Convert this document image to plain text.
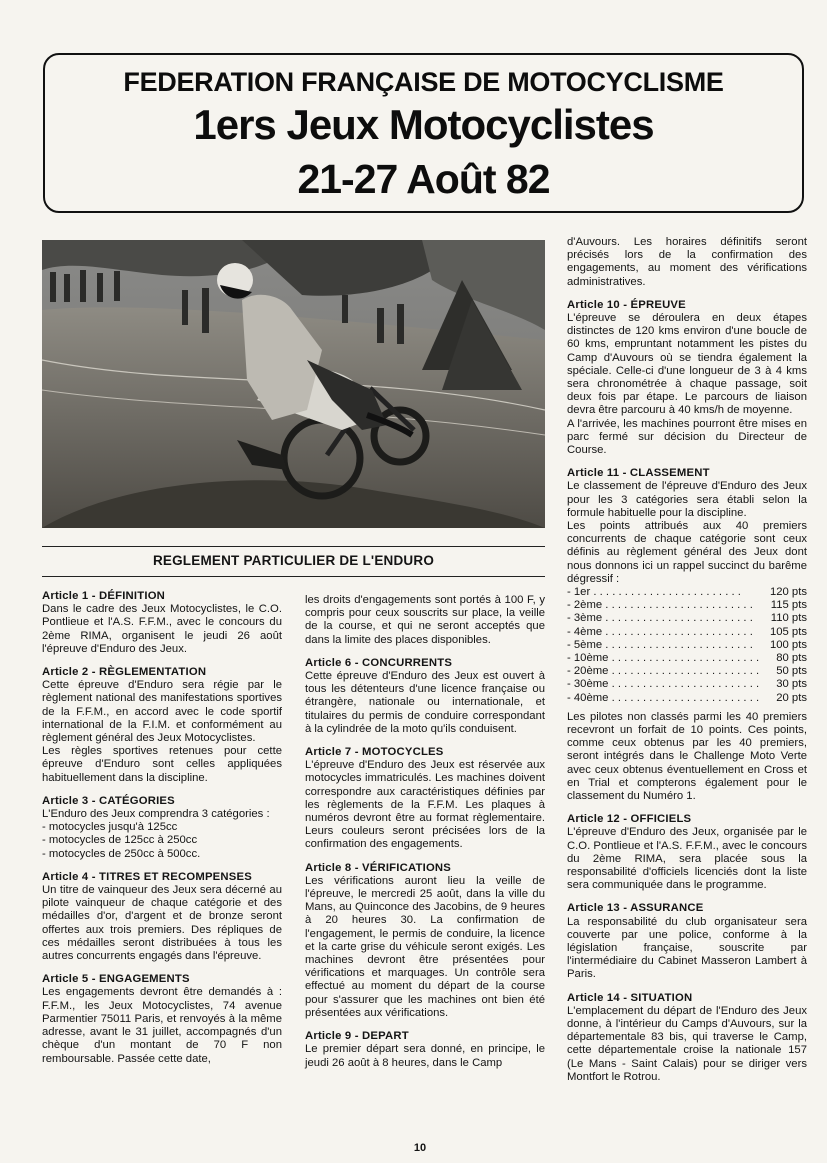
FEDERATION FRANÇAISE DE MOTOCYCLISME
1ers Jeux Motocyclistes
21-27 Août 82
REGLEMENT PARTICULIER DE L'ENDURO

Article 1 - DÉFINITION

Dans le cadre des Jeux Motocyclistes, le C.O. Pontlieue et l'A.S. F.F.M., avec le concours du 2ème RIMA, organisent le jeudi 26 août l'épreuve d'Enduro des Jeux.

Article 2 - RÈGLEMENTATION

Cette épreuve d'Enduro sera régie par le règlement national des manifestations sportives de la F.F.M., en accord avec le code sportif international de la F.I.M. et conformément au règlement général des Jeux Motocyclistes.

Les règles sportives retenues pour cette épreuve d'Enduro sont celles appliquées habituellement dans la discipline.

Article 3 - CATÉGORIES

L'Enduro des Jeux comprendra 3 catégories :

- motocycles jusqu'à 125cc

- motocycles de 125cc à 250cc

- motocycles de 250cc à 500cc.

Article 4 - TITRES ET RECOMPENSES

Un titre de vainqueur des Jeux sera décerné au pilote vainqueur de chaque catégorie et des médailles d'or, d'argent et de bronze seront offertes aux trois premiers. Des répliques de ces médailles seront distribuées à tous les autres concurrents engagés dans l'épreuve.

Article 5 - ENGAGEMENTS

Les engagements devront être demandés à : F.F.M., les Jeux Motocyclistes, 74 avenue Parmentier 75011 Paris, et renvoyés à la même adresse, avant le 31 juillet, accompagnés d'un chèque d'un montant de 70 F non remboursable. Passée cette date,

les droits d'engagements sont portés à 100 F, y compris pour ceux souscrits sur place, la veille de la course, et qui ne seront acceptés que dans la limite des places disponibles.

Article 6 - CONCURRENTS

Cette épreuve d'Enduro des Jeux est ouvert à tous les détenteurs d'une licence française ou étrangère, nationale ou internationale, et titulaires du permis de conduire correspondant à la cylindrée de la moto qu'ils conduisent.

Article 7 - MOTOCYCLES

L'épreuve d'Enduro des Jeux est réservée aux motocycles immatriculés. Les machines doivent correspondre aux caractéristiques définies par les règlements de la F.F.M. Les plaques à numéros devront être au format règlementaire. Leurs couleurs seront précisées lors de la confirmation des engagements.

Article 8 - VÉRIFICATIONS

Les vérifications auront lieu la veille de l'épreuve, le mercredi 25 août, dans la ville du Mans, au Quinconce des Jacobins, de 9 heures à 20 heures 30. La confirmation de l'engagement, le permis de conduire, la licence et la carte grise du véhicule seront exigés. Les machines devront être présentées pour vérifications et marquages. Un contrôle sera effectué au moment du départ de la course pour s'assurer que les machines ont bien été présentées aux vérifications.

Article 9 - DEPART

Le premier départ sera donné, en principe, le jeudi 26 août à 8 heures, dans le Camp

d'Auvours. Les horaires définitifs seront précisés lors de la confirmation des engagements, au moment des vérifications administratives.

Article 10 - ÉPREUVE

L'épreuve se déroulera en deux étapes distinctes de 120 kms environ d'une boucle de 60 kms, empruntant notamment les pistes du Camp d'Auvours où se tiendra également la spéciale. Celle-ci d'une longueur de 3 à 4 kms sera chronométrée à chaque passage, soit deux fois par étape. Le parcours de liaison devra être parcouru à 40 kms/h de moyenne.

A l'arrivée, les machines pourront être mises en parc fermé sur décision du Directeur de Course.

Article 11 - CLASSEMENT

Le classement de l'épreuve d'Enduro des Jeux pour les 3 catégories sera établi selon la formule habituelle pour la discipline.

Les points attribués aux 40 premiers concurrents de chaque catégorie sont ceux définis au règlement général des Jeux dont nous donnons ici un rappel succinct du barême dégressif :

- 1er . . .	120 pts
- 2ème . . .	115 pts
- 3ème . . .	110 pts
- 4ème . . .	105 pts
- 5ème . . .	100 pts
- 10ème . . .	80 pts
- 20ème . . .	50 pts
- 30ème . . .	30 pts
- 40ème . . .	20 pts

Les pilotes non classés parmi les 40 premiers recevront un forfait de 10 points. Ces points, comme ceux obtenus par les 40 premiers, seront intégrés dans le Challenge Moto Verte avec ceux obtenus éventuellement en Cross et en Trial et compterons également pour le classement du Numéro 1.

Article 12 - OFFICIELS

L'épreuve d'Enduro des Jeux, organisée par le C.O. Pontlieue et l'A.S. F.F.M., avec le concours du 2ème RIMA, sera placée sous la responsabilité d'officiels licenciés dont la liste sera communiquée dans le programme.

Article 13 - ASSURANCE

La responsabilité du club organisateur sera couverte par une police, conforme à la législation française, souscrite par l'intermédiaire du Cabinet Masseron Lambert à Paris.

Article 14 - SITUATION

L'emplacement du départ de l'Enduro des Jeux donne, à l'intérieur du Camps d'Auvours, sur la départementale 83 bis, qui traverse le Camp, cette départementale croise la nationale 157 (Le Mans - Saint Calais) pour se diriger vers Montfort le Rotrou.

10
